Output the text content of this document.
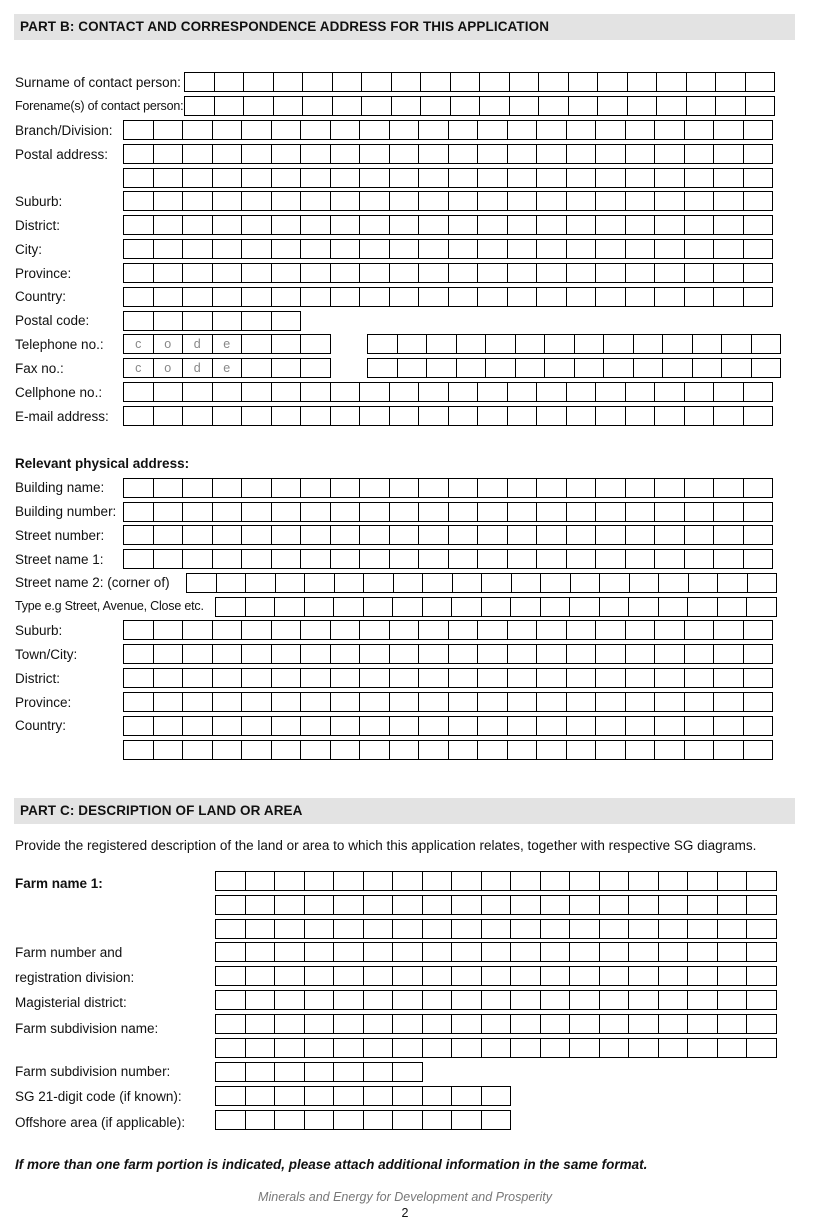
PART B: CONTACT AND CORRESPONDENCE ADDRESS FOR THIS APPLICATION
Surname of contact person:
Forename(s) of contact person:
Branch/Division:
Postal address:
Suburb:
District:
City:
Province:
Country:
Postal code:
Telephone no.:	c	o	d	e
Fax no.:	c	o	d	e
Cellphone no.:
E-mail address:
Relevant physical address:
Building name:
Building number:
Street number:
Street name 1:
Street name 2: (corner of)
Type e.g Street, Avenue, Close etc.
Suburb:
Town/City:
District:
Province:
Country:
PART C: DESCRIPTION OF LAND OR AREA
Provide the registered description of the land or area to which this application relates, together with respective SG diagrams.
Farm name 1:
Farm number and
registration division:
Magisterial district:
Farm subdivision name:
Farm subdivision number:
SG 21-digit code (if known):
Offshore area (if applicable):
If more than one farm portion is indicated, please attach additional information in the same format.
Minerals and Energy for Development and Prosperity
2
